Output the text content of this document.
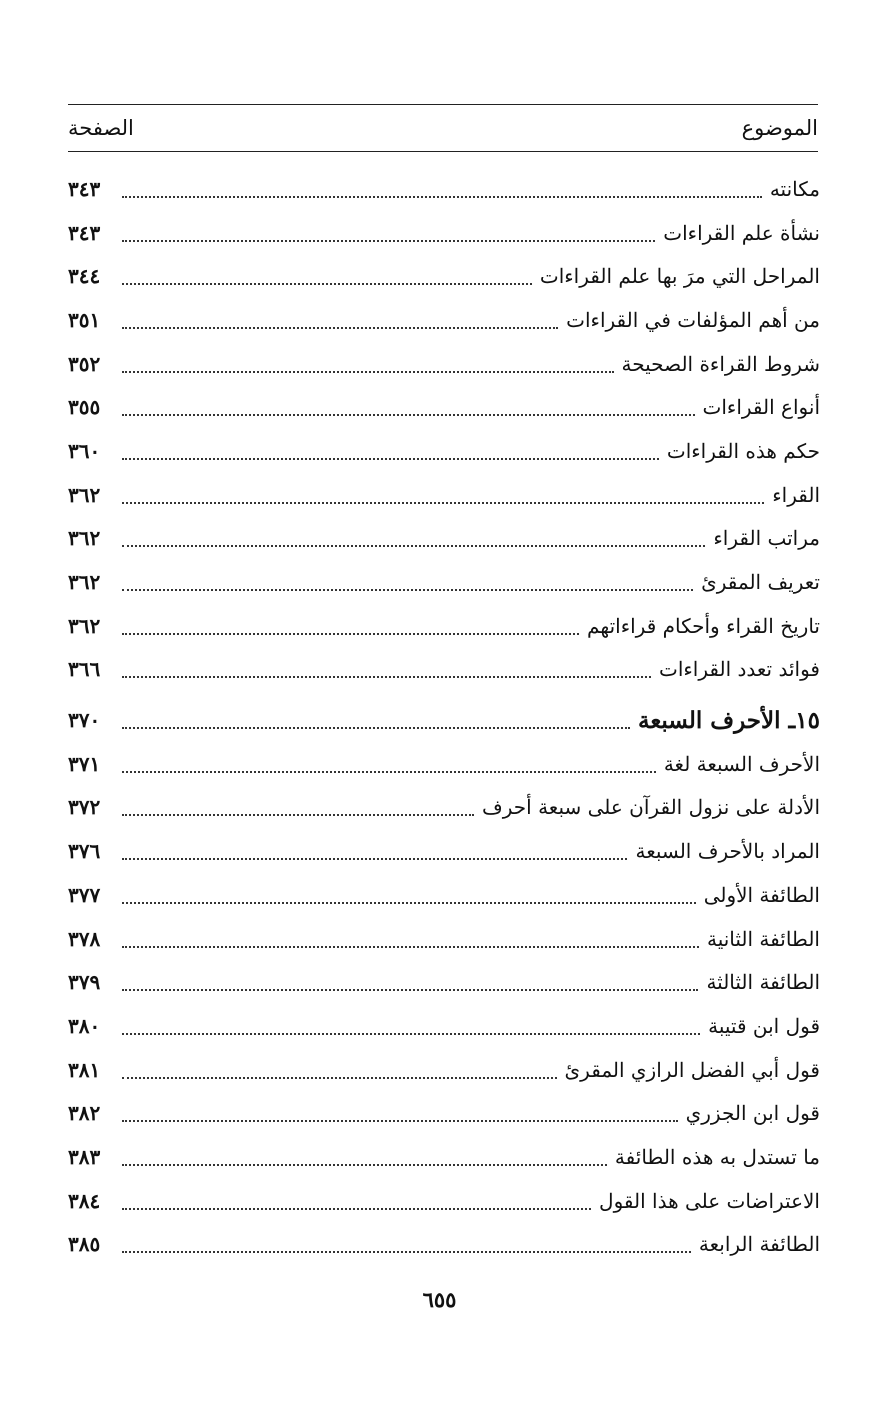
الموضوع
الصفحة
مكانته
٣٤٣
نشأة علم القراءات
٣٤٣
المراحل التي مرَ بها علم القراءات
٣٤٤
من أهم المؤلفات في القراءات
٣٥١
شروط القراءة الصحيحة
٣٥٢
أنواع القراءات
٣٥٥
حكم هذه القراءات
٣٦٠
القراء
٣٦٢
مراتب القراء
٣٦٢
تعريف المقرئ
٣٦٢
تاريخ القراء وأحكام قراءاتهم
٣٦٢
فوائد تعدد القراءات
٣٦٦
١٥ـ الأحرف السبعة
٣٧٠
الأحرف السبعة لغة
٣٧١
الأدلة على نزول القرآن على سبعة أحرف
٣٧٢
المراد بالأحرف السبعة
٣٧٦
الطائفة الأولى
٣٧٧
الطائفة الثانية
٣٧٨
الطائفة الثالثة
٣٧٩
قول ابن قتيبة
٣٨٠
قول أبي الفضل الرازي المقرئ
٣٨١
قول ابن الجزري
٣٨٢
ما تستدل به هذه الطائفة
٣٨٣
الاعتراضات على هذا القول
٣٨٤
الطائفة الرابعة
٣٨٥
٦٥٥
